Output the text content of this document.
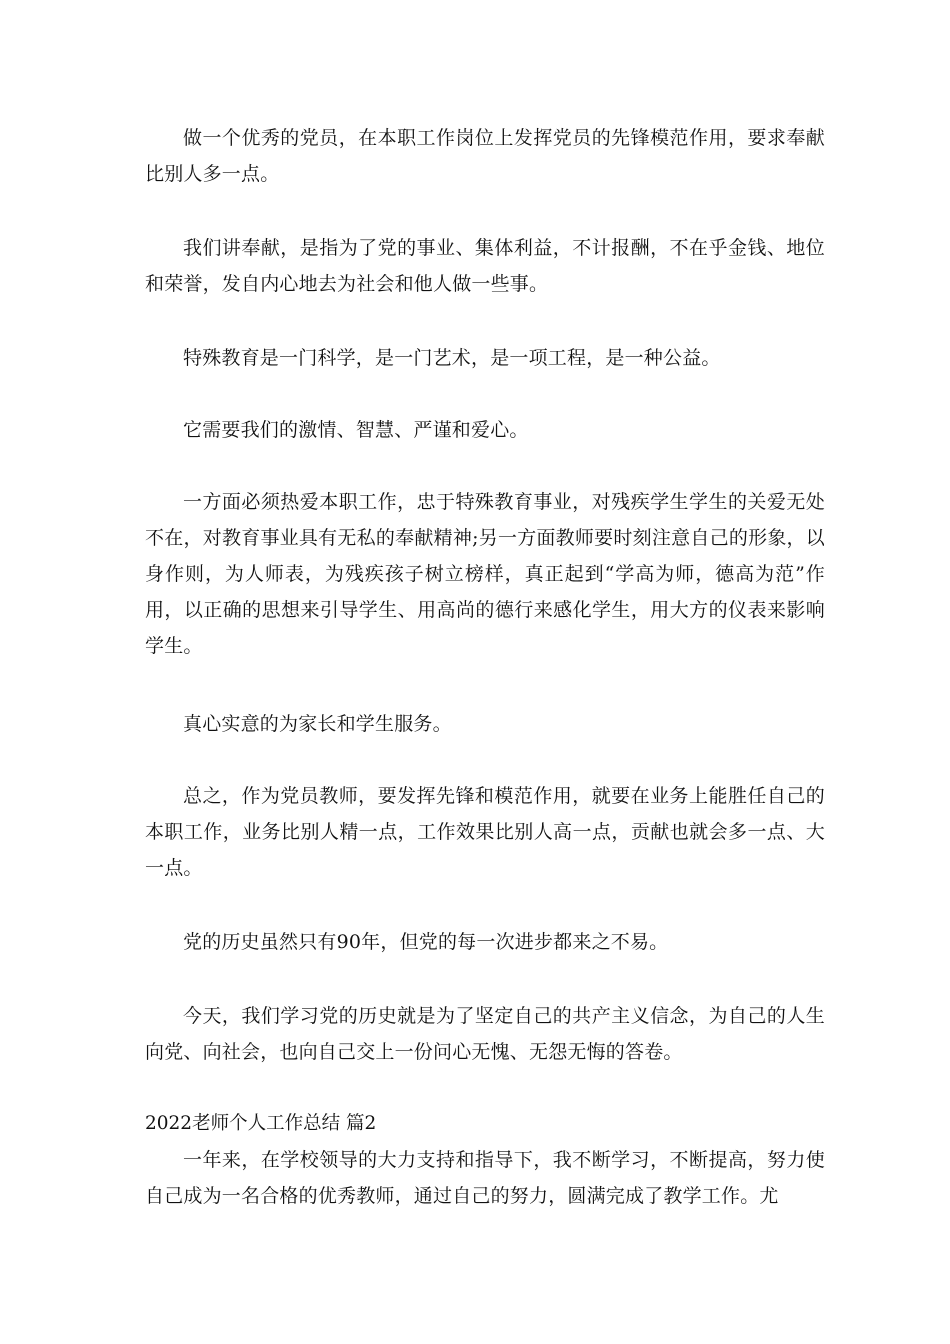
做一个优秀的党员，在本职工作岗位上发挥党员的先锋模范作用，要求奉献比别人多一点。

我们讲奉献，是指为了党的事业、集体利益，不计报酬，不在乎金钱、地位和荣誉，发自内心地去为社会和他人做一些事。

特殊教育是一门科学，是一门艺术，是一项工程，是一种公益。

它需要我们的激情、智慧、严谨和爱心。

一方面必须热爱本职工作，忠于特殊教育事业，对残疾学生学生的关爱无处不在，对教育事业具有无私的奉献精神;另一方面教师要时刻注意自己的形象，以身作则，为人师表，为残疾孩子树立榜样，真正起到“学高为师，德高为范”作用，以正确的思想来引导学生、用高尚的德行来感化学生，用大方的仪表来影响学生。

真心实意的为家长和学生服务。

总之，作为党员教师，要发挥先锋和模范作用，就要在业务上能胜任自己的本职工作，业务比别人精一点，工作效果比别人高一点，贡献也就会多一点、大一点。

党的历史虽然只有90年，但党的每一次进步都来之不易。

今天，我们学习党的历史就是为了坚定自己的共产主义信念，为自己的人生向党、向社会，也向自己交上一份问心无愧、无怨无悔的答卷。

2022老师个人工作总结 篇2

一年来，在学校领导的大力支持和指导下，我不断学习，不断提高，努力使自己成为一名合格的优秀教师，通过自己的努力，圆满完成了教学工作。尤
